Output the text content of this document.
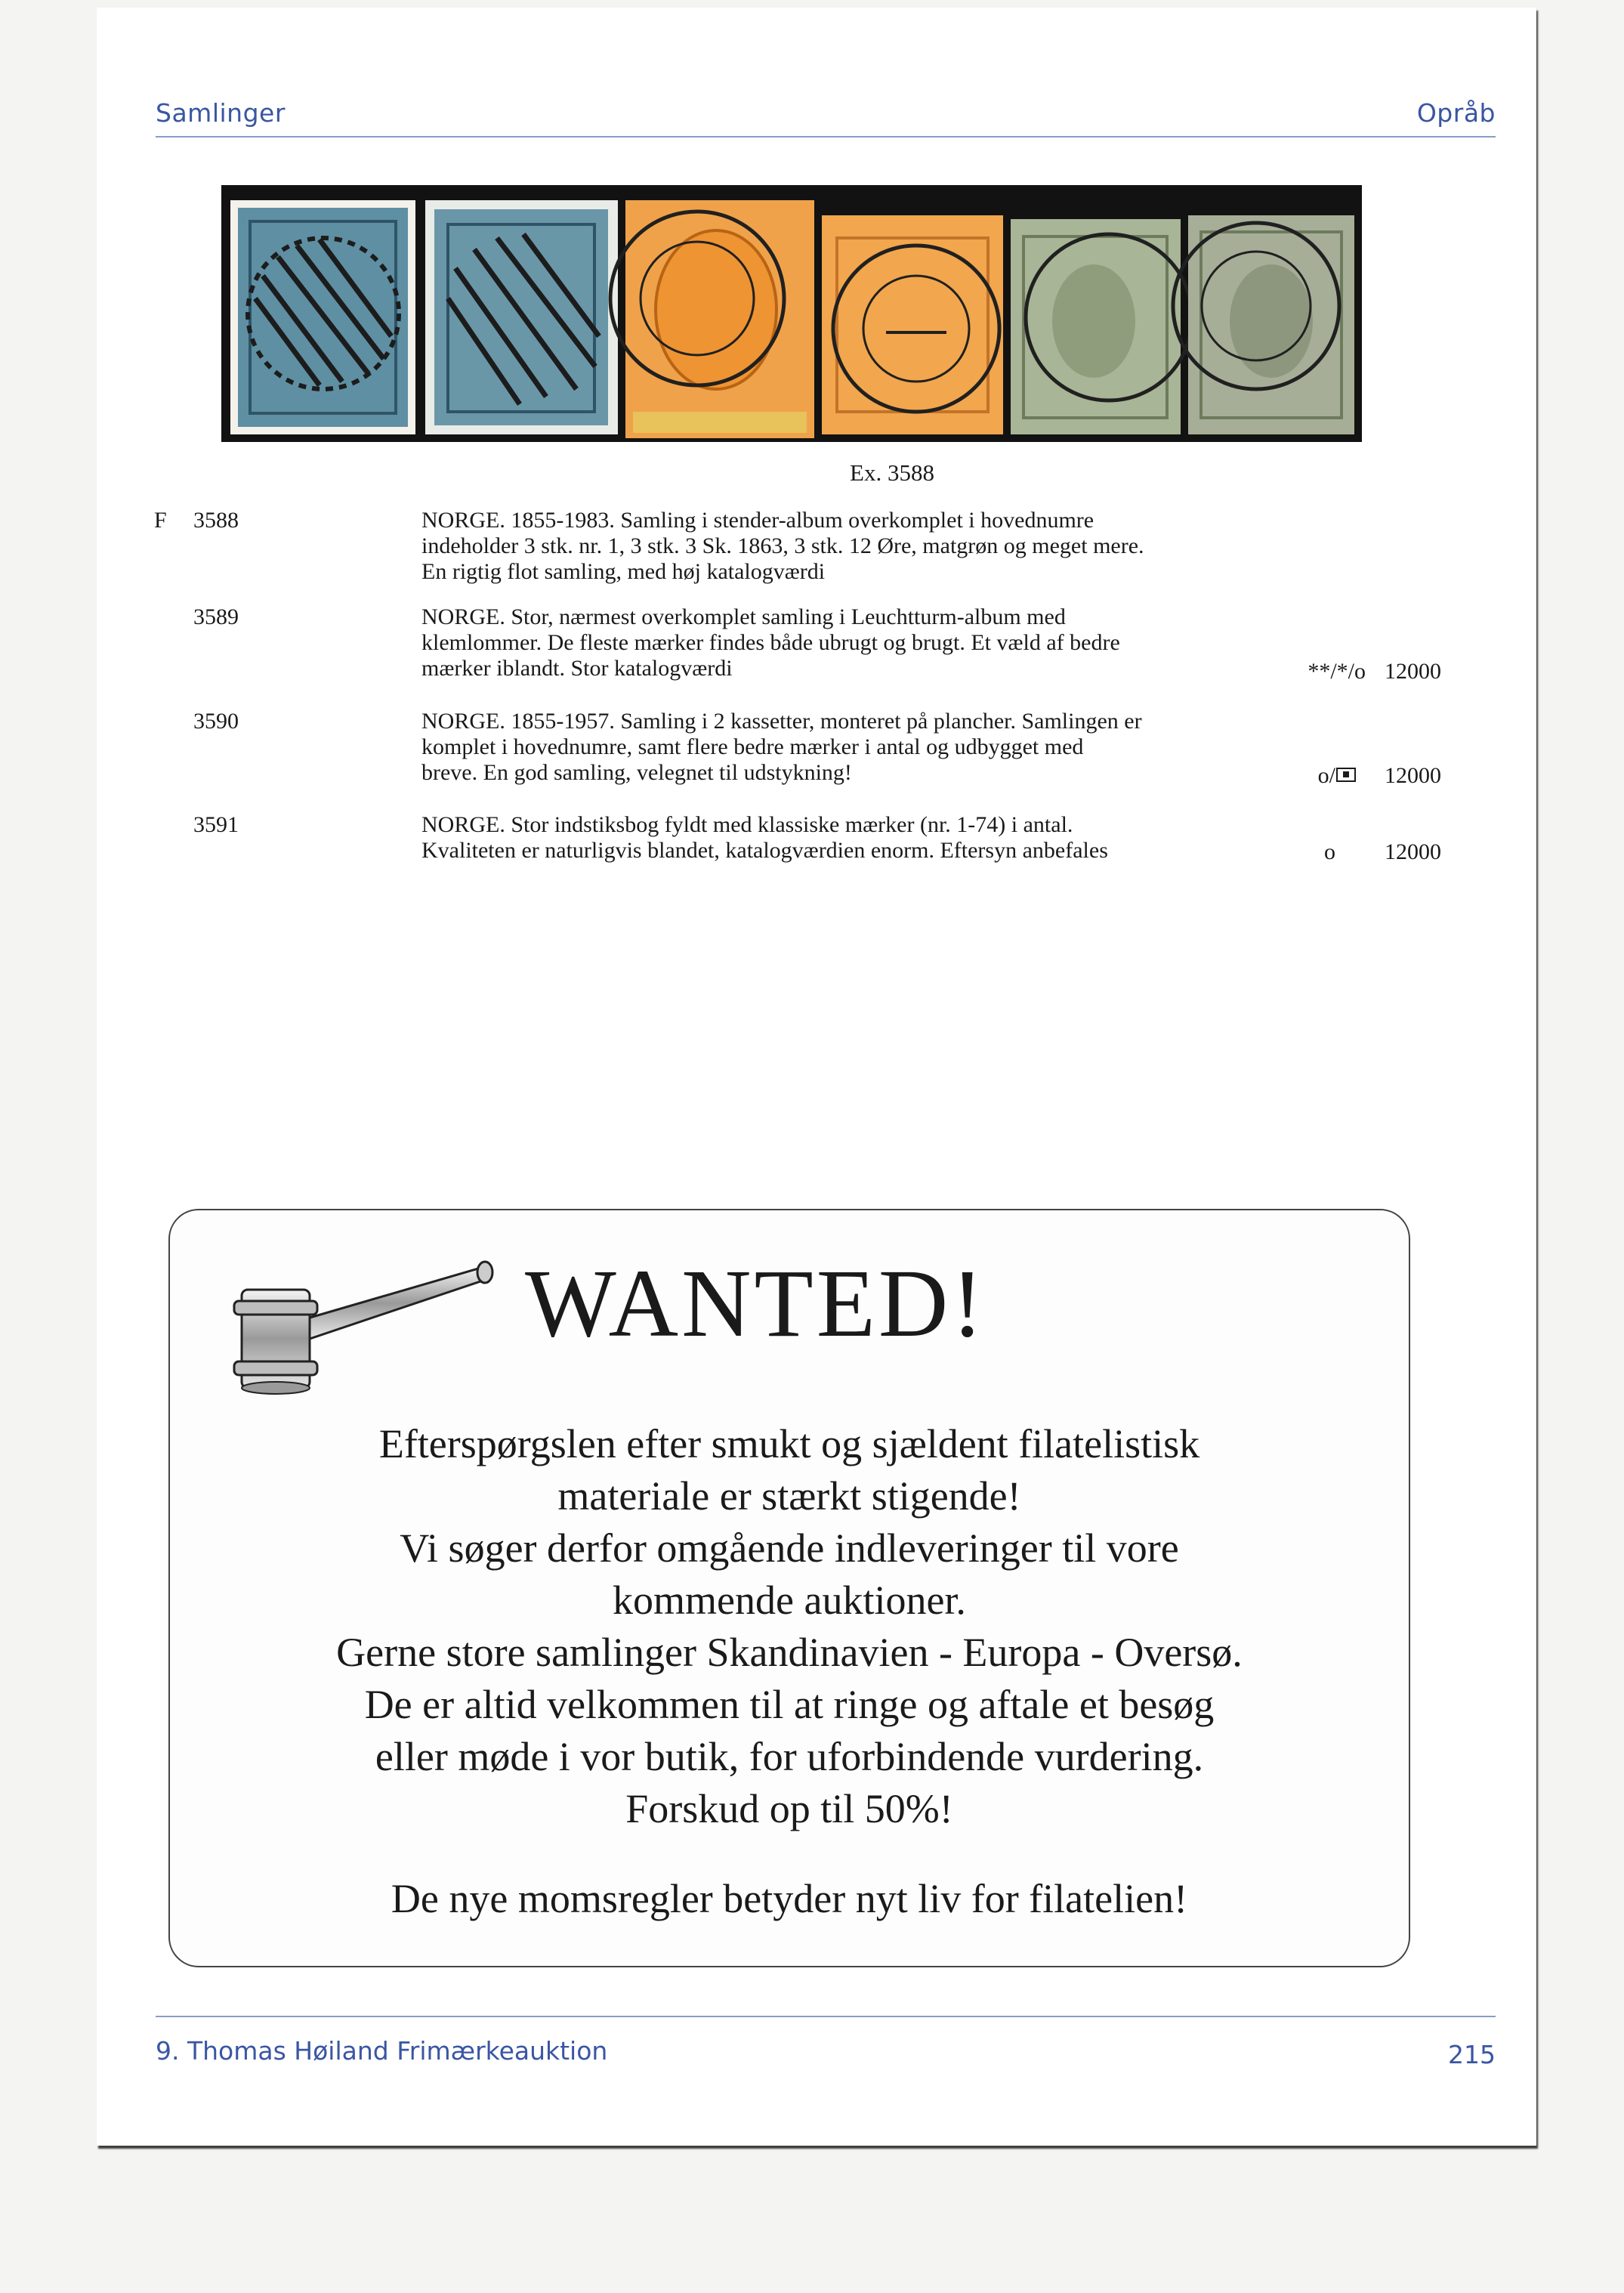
Samlinger	Opråb
Ex. 3588
F 3588	NORGE. 1855-1983. Samling i stender-album overkomplet i hovednumre
indeholder 3 stk. nr. 1, 3 stk. 3 Sk. 1863, 3 stk. 12 Øre, matgrøn og meget mere.
En rigtig flot samling, med høj katalogværdi
3589	NORGE. Stor, nærmest overkomplet samling i Leuchtturm-album med
klemlommer. De fleste mærker findes både ubrugt og brugt. Et væld af bedre
mærker iblandt. Stor katalogværdi	**/*/o 12000
3590	NORGE. 1855-1957. Samling i 2 kassetter, monteret på plancher. Samlingen er
komplet i hovednumre, samt flere bedre mærker i antal og udbygget med
breve. En god samling, velegnet til udstykning!	o/	12000
3591	NORGE. Stor indstiksbog fyldt med klassiske mærker (nr. 1-74) i antal.
Kvaliteten er naturligvis blandet, katalogværdien enorm. Eftersyn anbefales	o	12000
WANTED!
Efterspørgslen efter smukt og sjældent filatelistisk
materiale er stærkt stigende!
Vi søger derfor omgående indleveringer til vore
kommende auktioner.
Gerne store samlinger Skandinavien - Europa - Oversø.
De er altid velkommen til at ringe og aftale et besøg
eller møde i vor butik, for uforbindende vurdering.
Forskud op til 50%!
De nye momsregler betyder nyt liv for filatelien!
9. Thomas Høiland Frimærkeauktion	215
